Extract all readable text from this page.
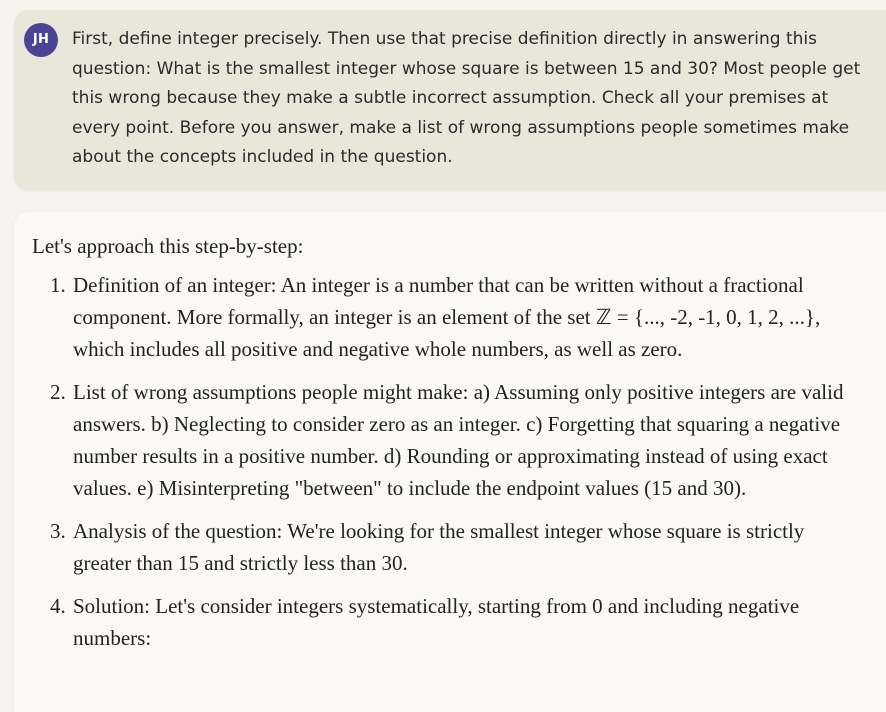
JH	First, define integer precisely. Then use that precise definition directly in answering this question: What is the smallest integer whose square is between 15 and 30? Most people get this wrong because they make a subtle incorrect assumption. Check all your premises at every point. Before you answer, make a list of wrong assumptions people sometimes make about the concepts included in the question.

Let's approach this step-by-step:

1. Definition of an integer: An integer is a number that can be written without a fractional component. More formally, an integer is an element of the set ℤ = {..., -2, -1, 0, 1, 2, ...}, which includes all positive and negative whole numbers, as well as zero.
2. List of wrong assumptions people might make: a) Assuming only positive integers are valid answers. b) Neglecting to consider zero as an integer. c) Forgetting that squaring a negative number results in a positive number. d) Rounding or approximating instead of using exact values. e) Misinterpreting "between" to include the endpoint values (15 and 30).
3. Analysis of the question: We're looking for the smallest integer whose square is strictly greater than 15 and strictly less than 30.
4. Solution: Let's consider integers systematically, starting from 0 and including negative numbers:
